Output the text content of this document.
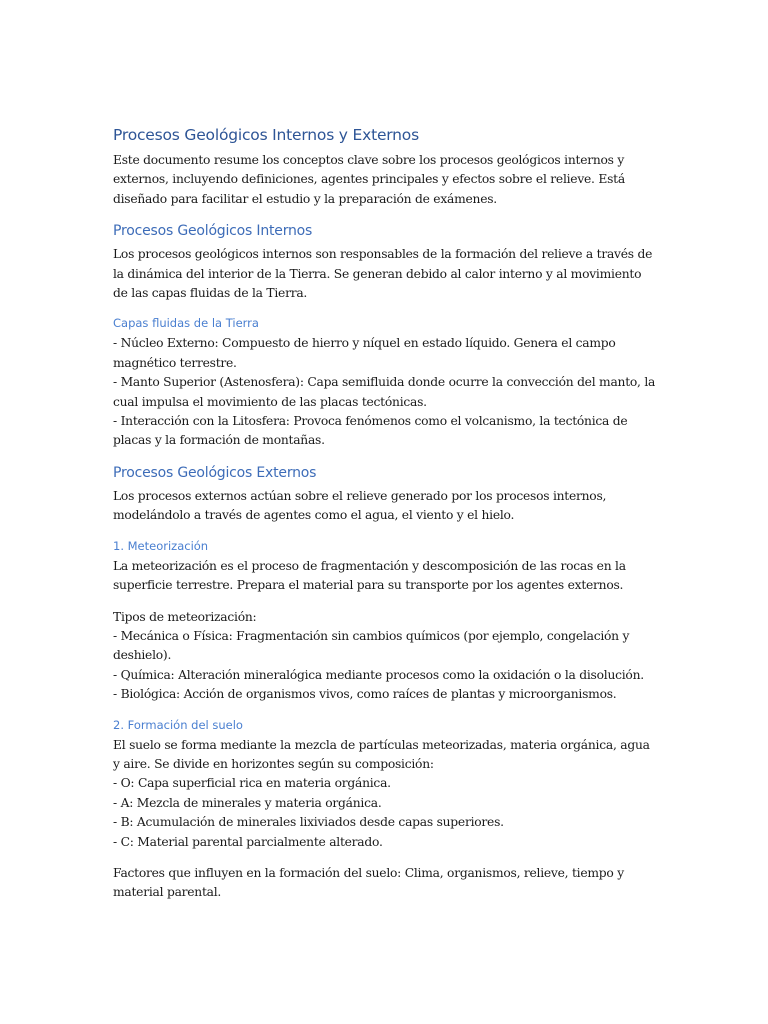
Procesos Geológicos Internos y Externos

Este documento resume los conceptos clave sobre los procesos geológicos internos y externos, incluyendo definiciones, agentes principales y efectos sobre el relieve. Está diseñado para facilitar el estudio y la preparación de exámenes.

Procesos Geológicos Internos

Los procesos geológicos internos son responsables de la formación del relieve a través de la dinámica del interior de la Tierra. Se generan debido al calor interno y al movimiento de las capas fluidas de la Tierra.

Capas fluidas de la Tierra

- Núcleo Externo: Compuesto de hierro y níquel en estado líquido. Genera el campo magnético terrestre.
- Manto Superior (Astenosfera): Capa semifluida donde ocurre la convección del manto, la cual impulsa el movimiento de las placas tectónicas.
- Interacción con la Litosfera: Provoca fenómenos como el volcanismo, la tectónica de placas y la formación de montañas.

Procesos Geológicos Externos

Los procesos externos actúan sobre el relieve generado por los procesos internos, modelándolo a través de agentes como el agua, el viento y el hielo.

1. Meteorización

La meteorización es el proceso de fragmentación y descomposición de las rocas en la superficie terrestre. Prepara el material para su transporte por los agentes externos.

Tipos de meteorización:
- Mecánica o Física: Fragmentación sin cambios químicos (por ejemplo, congelación y deshielo).
- Química: Alteración mineralógica mediante procesos como la oxidación o la disolución.
- Biológica: Acción de organismos vivos, como raíces de plantas y microorganismos.

2. Formación del suelo

El suelo se forma mediante la mezcla de partículas meteorizadas, materia orgánica, agua y aire. Se divide en horizontes según su composición:
- O: Capa superficial rica en materia orgánica.
- A: Mezcla de minerales y materia orgánica.
- B: Acumulación de minerales lixiviados desde capas superiores.
- C: Material parental parcialmente alterado.

Factores que influyen en la formación del suelo: Clima, organismos, relieve, tiempo y material parental.
